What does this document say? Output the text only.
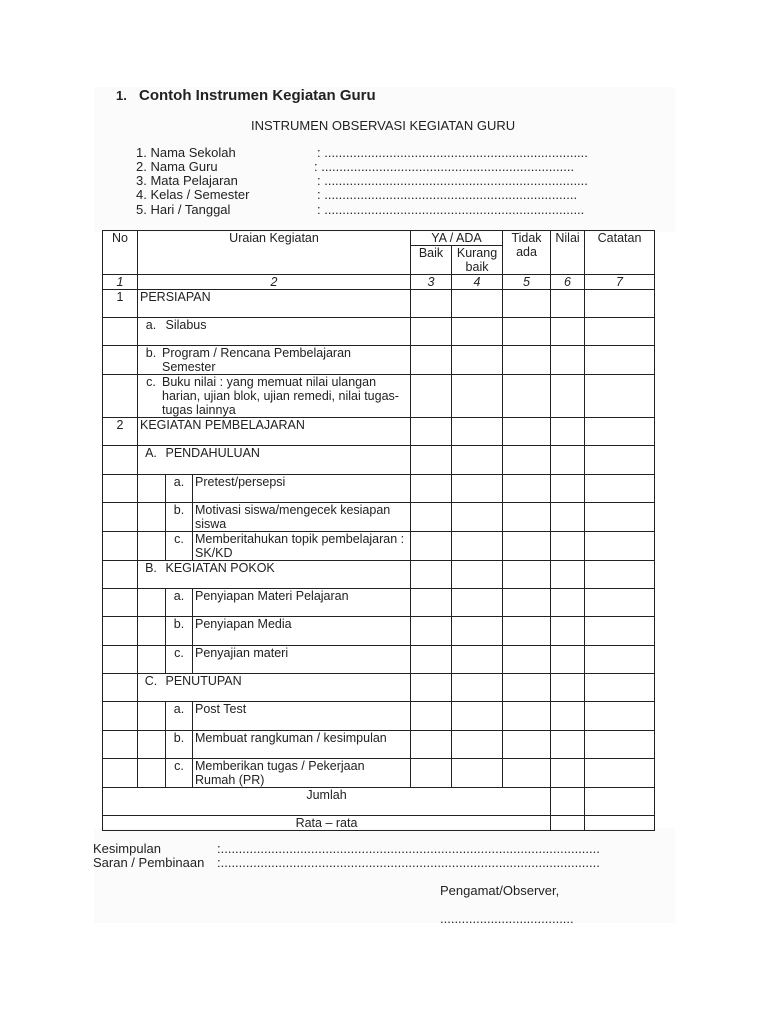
1. Contoh Instrumen Kegiatan Guru
INSTRUMEN OBSERVASI KEGIATAN GURU
1. Nama Sekolah	: .........................................................................
2. Nama Guru	: ......................................................................
3. Mata Pelajaran	: .........................................................................
4. Kelas / Semester	: ......................................................................
5. Hari / Tanggal	: ........................................................................
No	Uraian Kegiatan			YA / ADA		Tidak ada	Nilai	Catatan
				Baik	Kurang baik			
1	2			3	4	5	6	7
1	PERSIAPAN							
	a. Silabus							
	b. Program / Rencana Pembelajaran Semester							
	c. Buku nilai : yang memuat nilai ulangan harian, ujian blok, ujian remedi, nilai tugas-tugas lainnya							
2	KEGIATAN PEMBELAJARAN							
	A. PENDAHULUAN							
		a.	Pretest/persepsi					
		b.	Motivasi siswa/mengecek kesiapan siswa					
		c.	Memberitahukan topik pembelajaran : SK/KD					
	B. KEGIATAN POKOK							
		a.	Penyiapan Materi Pelajaran					
		b.	Penyiapan Media					
		c.	Penyajian materi					
	C. PENUTUPAN							
		a.	Post Test					
		b.	Membuat rangkuman / kesimpulan					
		c.	Memberikan tugas / Pekerjaan Rumah (PR)					
Jumlah								
Rata – rata								
Kesimpulan	:.........................................................................................................
Saran / Pembinaan :.........................................................................................................
Pengamat/Observer,
.....................................
